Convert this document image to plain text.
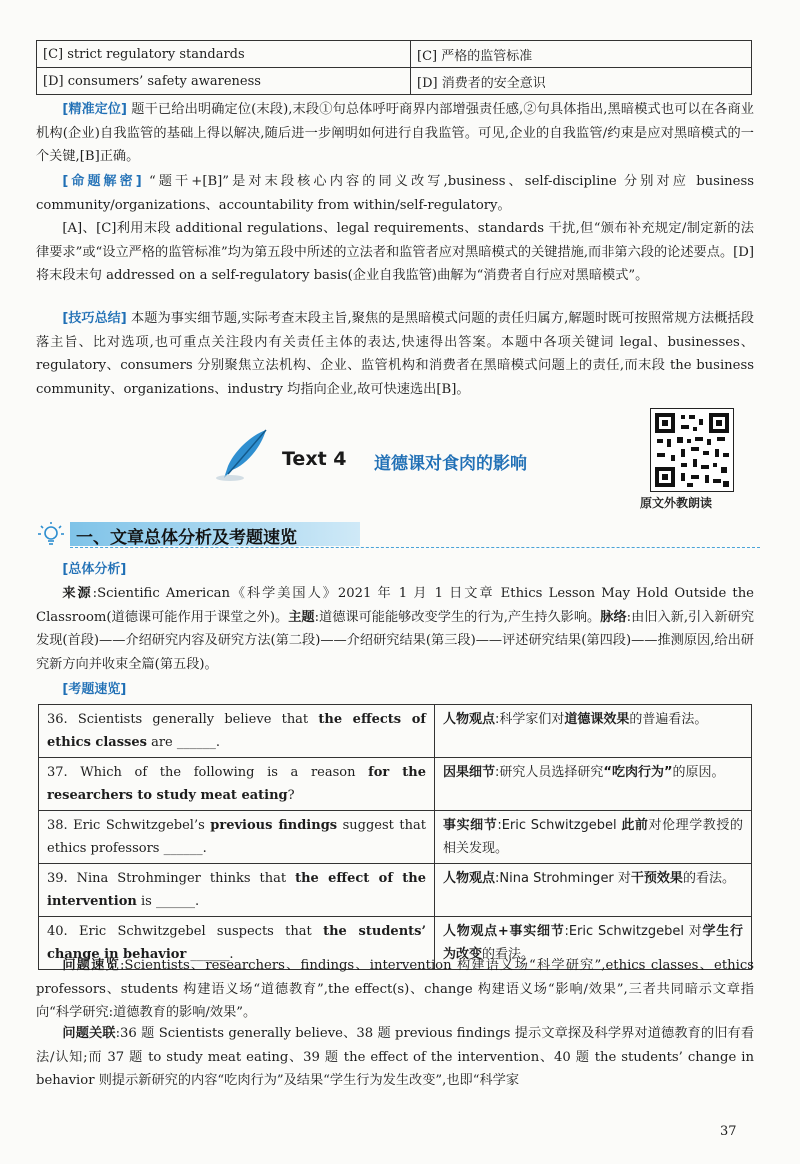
[C] strict regulatory standards	[C] 严格的监管标准
[D] consumers’ safety awareness	[D] 消费者的安全意识
[精准定位] 题干已给出明确定位(末段),末段①句总体呼吁商界内部增强责任感,②句具体指出,黑暗模式也可以在各商业机构(企业)自我监管的基础上得以解决,随后进一步阐明如何进行自我监管。可见,企业的自我监管/约束是应对黑暗模式的一个关键,[B]正确。
[命题解密] “题干+[B]”是对末段核心内容的同义改写,business、self-discipline 分别对应 business community/organizations、accountability from within/self-regulatory。
[A]、[C]利用末段 additional regulations、legal requirements、standards 干扰,但“颁布补充规定/制定新的法律要求”或“设立严格的监管标准”均为第五段中所述的立法者和监管者应对黑暗模式的关键措施,而非第六段的论述要点。[D]将末段末句 addressed on a self-regulatory basis(企业自我监管)曲解为“消费者自行应对黑暗模式”。
[技巧总结] 本题为事实细节题,实际考查末段主旨,聚焦的是黑暗模式问题的责任归属方,解题时既可按照常规方法概括段落主旨、比对选项,也可重点关注段内有关责任主体的表达,快速得出答案。本题中各项关键词 legal、businesses、regulatory、consumers 分别聚焦立法机构、企业、监管机构和消费者在黑暗模式问题上的责任,而末段 the business community、organizations、industry 均指向企业,故可快速选出[B]。
Text 4 道德课对食肉的影响
原文外教朗读
一、文章总体分析及考题速览
[总体分析]
来源:Scientific American《科学美国人》2021 年 1 月 1 日文章 Ethics Lesson May Hold Outside the Classroom(道德课可能作用于课堂之外)。主题:道德课可能能够改变学生的行为,产生持久影响。脉络:由旧入新,引入新研究发现(首段)——介绍研究内容及研究方法(第二段)——介绍研究结果(第三段)——评述研究结果(第四段)——推测原因,给出研究新方向并收束全篇(第五段)。
[考题速览]
36. Scientists generally believe that the effects of ethics classes are ______.	人物观点:科学家们对道德课效果的普遍看法。
37. Which of the following is a reason for the researchers to study meat eating?	因果细节:研究人员选择研究“吃肉行为”的原因。
38. Eric Schwitzgebel’s previous findings suggest that ethics professors ______.	事实细节:Eric Schwitzgebel 此前对伦理学教授的相关发现。
39. Nina Strohminger thinks that the effect of the intervention is ______.	人物观点:Nina Strohminger 对干预效果的看法。
40. Eric Schwitzgebel suspects that the students’ change in behavior ______.	人物观点+事实细节:Eric Schwitzgebel 对学生行为改变的看法。
问题速览:Scientists、researchers、findings、intervention 构建语义场“科学研究”,ethics classes、ethics professors、students 构建语义场“道德教育”,the effect(s)、change 构建语义场“影响/效果”,三者共同暗示文章指向“科学研究:道德教育的影响/效果”。
问题关联:36 题 Scientists generally believe、38 题 previous findings 提示文章探及科学界对道德教育的旧有看法/认知;而 37 题 to study meat eating、39 题 the effect of the intervention、40 题 the students’ change in behavior 则提示新研究的内容“吃肉行为”及结果“学生行为发生改变”,也即“科学家
37
